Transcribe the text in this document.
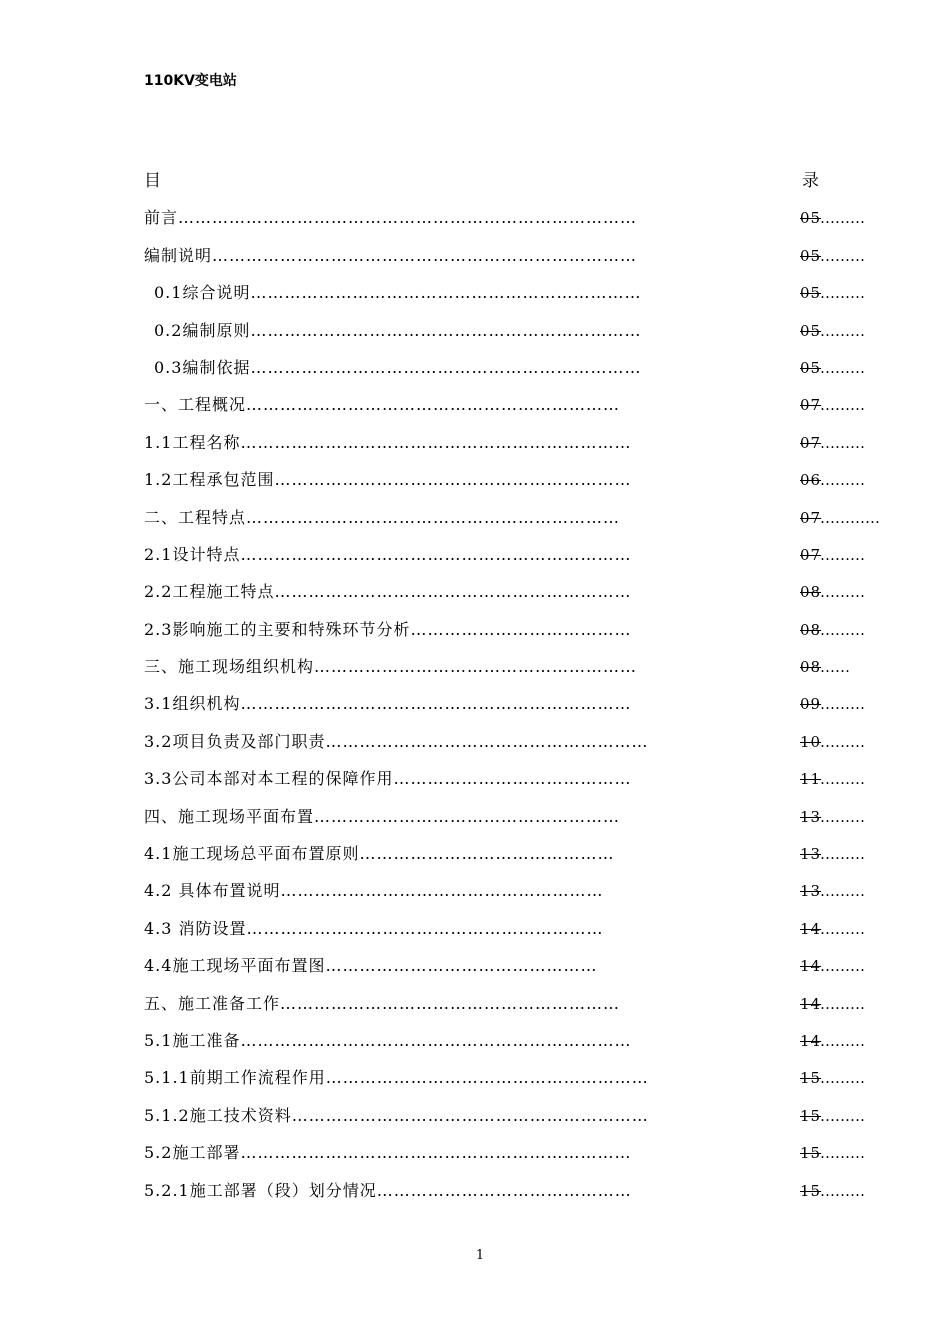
110KV变电站
目	录
前言………………………………………………………………………	05
………
编制说明…………………………………………………………………	05
………
0.1综合说明……………………………………………………………	05
………
0.2编制原则……………………………………………………………	05
………
0.3编制依据……………………………………………………………	05
………
一、工程概况…………………………………………………………	07
………
1.1工程名称……………………………………………………………	07
………
1.2工程承包范围………………………………………………………	06
………
二、工程特点…………………………………………………………	07
…………
2.1设计特点……………………………………………………………	07
………
2.2工程施工特点………………………………………………………	08
………
2.3影响施工的主要和特殊环节分析…………………………………	08
………
三、施工现场组织机构…………………………………………………	08
……
3.1组织机构……………………………………………………………	09
………
3.2项目负责及部门职责…………………………………………………	10
………
3.3公司本部对本工程的保障作用……………………………………	11
………
四、施工现场平面布置………………………………………………	13
………
4.1施工现场总平面布置原则………………………………………	13
………
4.2 具体布置说明…………………………………………………	13
………
4.3 消防设置………………………………………………………	14
………
4.4施工现场平面布置图…………………………………………	14
………
五、施工准备工作……………………………………………………	14
………
5.1施工准备……………………………………………………………	14
………
5.1.1前期工作流程作用…………………………………………………	15
………
5.1.2施工技术资料………………………………………………………	15
………
5.2施工部署……………………………………………………………	15
………
5.2.1施工部署（段）划分情况………………………………………	15
………
1
